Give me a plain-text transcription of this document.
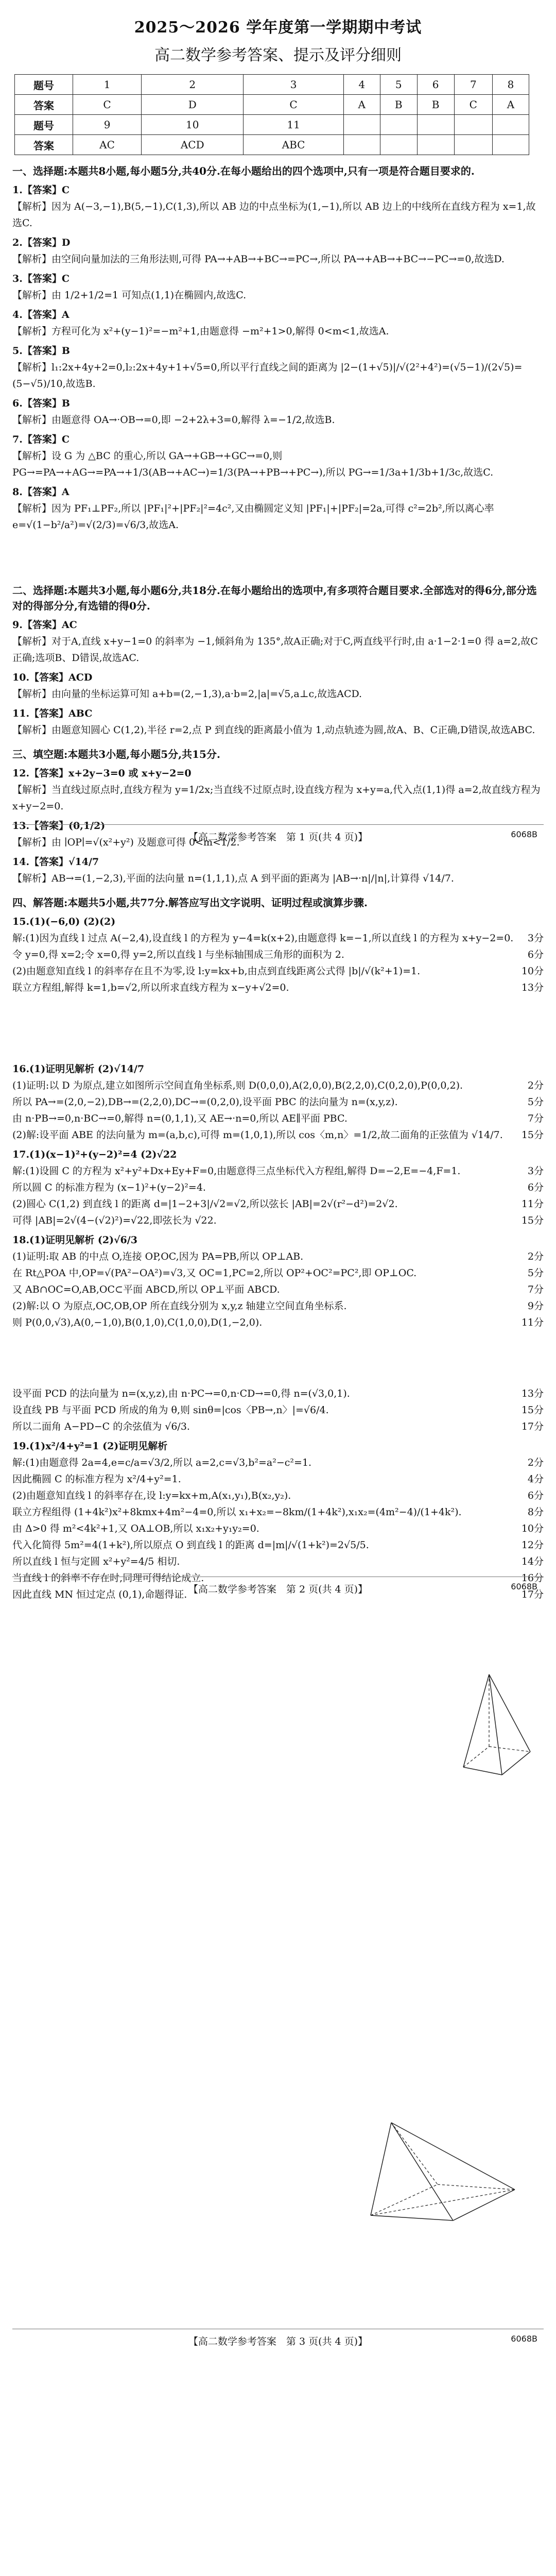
2025～2026 学年度第一学期期中考试
高二数学参考答案、提示及评分细则
题号	1	2	3	4	5	6	7	8
答案	C	D	C	A	B	B	C	A
题号	9	10	11					
答案	AC	ACD	ABC					
一、选择题:本题共8小题,每小题5分,共40分.在每小题给出的四个选项中,只有一项是符合题目要求的.

1.【答案】C

【解析】因为 A(−3,−1),B(5,−1),C(1,3),所以 AB 边的中点坐标为(1,−1),所以 AB 边上的中线所在直线方程为 x=1,故选C.

2.【答案】D

【解析】由空间向量加法的三角形法则,可得 PA→+AB→+BC→=PC→,所以 PA→+AB→+BC→−PC→=0,故选D.

3.【答案】C

【解析】由 1/2+1/2=1 可知点(1,1)在椭圆内,故选C.

4.【答案】A

【解析】方程可化为 x²+(y−1)²=−m²+1,由题意得 −m²+1>0,解得 0<m<1,故选A.

5.【答案】B

【解析】l₁:2x+4y+2=0,l₂:2x+4y+1+√5=0,所以平行直线之间的距离为 |2−(1+√5)|/√(2²+4²)=(√5−1)/(2√5)=(5−√5)/10,故选B.

6.【答案】B

【解析】由题意得 OA→·OB→=0,即 −2+2λ+3=0,解得 λ=−1/2,故选B.

7.【答案】C

【解析】设 G 为 △BC 的重心,所以 GA→+GB→+GC→=0,则 PG→=PA→+AG→=PA→+1/3(AB→+AC→)=1/3(PA→+PB→+PC→),所以 PG→=1/3a+1/3b+1/3c,故选C.

8.【答案】A

【解析】因为 PF₁⊥PF₂,所以 |PF₁|²+|PF₂|²=4c²,又由椭圆定义知 |PF₁|+|PF₂|=2a,可得 c²=2b²,所以离心率 e=√(1−b²/a²)=√(2/3)=√6/3,故选A.

【高二数学参考答案　第 1 页(共 4 页)】	6068B
二、选择题:本题共3小题,每小题6分,共18分.在每小题给出的选项中,有多项符合题目要求.全部选对的得6分,部分选对的得部分分,有选错的得0分.

9.【答案】AC

【解析】对于A,直线 x+y−1=0 的斜率为 −1,倾斜角为 135°,故A正确;对于C,两直线平行时,由 a·1−2·1=0 得 a=2,故C正确;选项B、D错误,故选AC.

10.【答案】ACD

【解析】由向量的坐标运算可知 a+b=(2,−1,3),a·b=2,|a|=√5,a⊥c,故选ACD.

11.【答案】ABC

【解析】由题意知圆心 C(1,2),半径 r=2,点 P 到直线的距离最小值为 1,动点轨迹为圆,故A、B、C正确,D错误,故选ABC.

三、填空题:本题共3小题,每小题5分,共15分.

12.【答案】x+2y−3=0 或 x+y−2=0

【解析】当直线过原点时,直线方程为 y=1/2x;当直线不过原点时,设直线方程为 x+y=a,代入点(1,1)得 a=2,故直线方程为 x+y−2=0.

13.【答案】(0,1/2)

【解析】由 ∣OP∣=√(x²+y²) 及题意可得 0<m<1/2.

14.【答案】√14/7

【解析】AB→=(1,−2,3),平面的法向量 n=(1,1,1),点 A 到平面的距离为 |AB→·n|/|n|,计算得 √14/7.

四、解答题:本题共5小题,共77分.解答应写出文字说明、证明过程或演算步骤.

15.(1)(−6,0) (2)(2)

解:(1)因为直线 l 过点 A(−2,4),设直线 l 的方程为 y−4=k(x+2),由题意得 k=−1,所以直线 l 的方程为 x+y−2=0. 3分

令 y=0,得 x=2;令 x=0,得 y=2,所以直线 l 与坐标轴围成三角形的面积为 2.	6分

(2)由题意知直线 l 的斜率存在且不为零,设 l:y=kx+b,由点到直线距离公式得 |b|/√(k²+1)=1.	10分

联立方程组,解得 k=1,b=√2,所以所求直线方程为 x−y+√2=0.	13分

【高二数学参考答案　第 2 页(共 4 页)】	6068B

16.(1)证明见解析 (2)√14/7

(1)证明:以 D 为原点,建立如图所示空间直角坐标系,则 D(0,0,0),A(2,0,0),B(2,2,0),C(0,2,0),P(0,0,2).	2分

所以 PA→=(2,0,−2),DB→=(2,2,0),DC→=(0,2,0),设平面 PBC 的法向量为 n=(x,y,z).	5分

由 n·PB→=0,n·BC→=0,解得 n=(0,1,1),又 AE→·n=0,所以 AE∥平面 PBC.	7分

(2)解:设平面 ABE 的法向量为 m=(a,b,c),可得 m=(1,0,1),所以 cos〈m,n〉=1/2,故二面角的正弦值为 √14/7. 15分

17.(1)(x−1)²+(y−2)²=4 (2)√22

解:(1)设圆 C 的方程为 x²+y²+Dx+Ey+F=0,由题意得三点坐标代入方程组,解得 D=−2,E=−4,F=1.	3分

所以圆 C 的标准方程为 (x−1)²+(y−2)²=4.	6分

(2)圆心 C(1,2) 到直线 l 的距离 d=|1−2+3|/√2=√2,所以弦长 |AB|=2√(r²−d²)=2√2.	11分

可得 |AB|=2√(4−(√2)²)=√22,即弦长为 √22.	15分

18.(1)证明见解析 (2)√6/3

(1)证明:取 AB 的中点 O,连接 OP,OC,因为 PA=PB,所以 OP⊥AB.	2分

在 Rt△POA 中,OP=√(PA²−OA²)=√3,又 OC=1,PC=2,所以 OP²+OC²=PC²,即 OP⊥OC.	5分

又 AB∩OC=O,AB,OC⊂平面 ABCD,所以 OP⊥平面 ABCD.	7分

(2)解:以 O 为原点,OC,OB,OP 所在直线分别为 x,y,z 轴建立空间直角坐标系.	9分

则 P(0,0,√3),A(0,−1,0),B(0,1,0),C(1,0,0),D(1,−2,0).	11分

【高二数学参考答案　第 3 页(共 4 页)】	6068B

设平面 PCD 的法向量为 n=(x,y,z),由 n·PC→=0,n·CD→=0,得 n=(√3,0,1).	13分

设直线 PB 与平面 PCD 所成的角为 θ,则 sinθ=|cos〈PB→,n〉|=√6/4.	15分

所以二面角 A−PD−C 的余弦值为 √6/3.	17分

19.(1)x²/4+y²=1 (2)证明见解析

解:(1)由题意得 2a=4,e=c/a=√3/2,所以 a=2,c=√3,b²=a²−c²=1.	2分

因此椭圆 C 的标准方程为 x²/4+y²=1.	4分

(2)由题意知直线 l 的斜率存在,设 l:y=kx+m,A(x₁,y₁),B(x₂,y₂).	6分

联立方程组得 (1+4k²)x²+8kmx+4m²−4=0,所以 x₁+x₂=−8km/(1+4k²),x₁x₂=(4m²−4)/(1+4k²).	8分

由 Δ>0 得 m²<4k²+1,又 OA⊥OB,所以 x₁x₂+y₁y₂=0.	10分

代入化简得 5m²=4(1+k²),所以原点 O 到直线 l 的距离 d=|m|/√(1+k²)=2√5/5.	12分

所以直线 l 恒与定圆 x²+y²=4/5 相切.	14分

当直线 l 的斜率不存在时,同理可得结论成立.	16分

因此直线 MN 恒过定点 (0,1),命题得证.	17分
